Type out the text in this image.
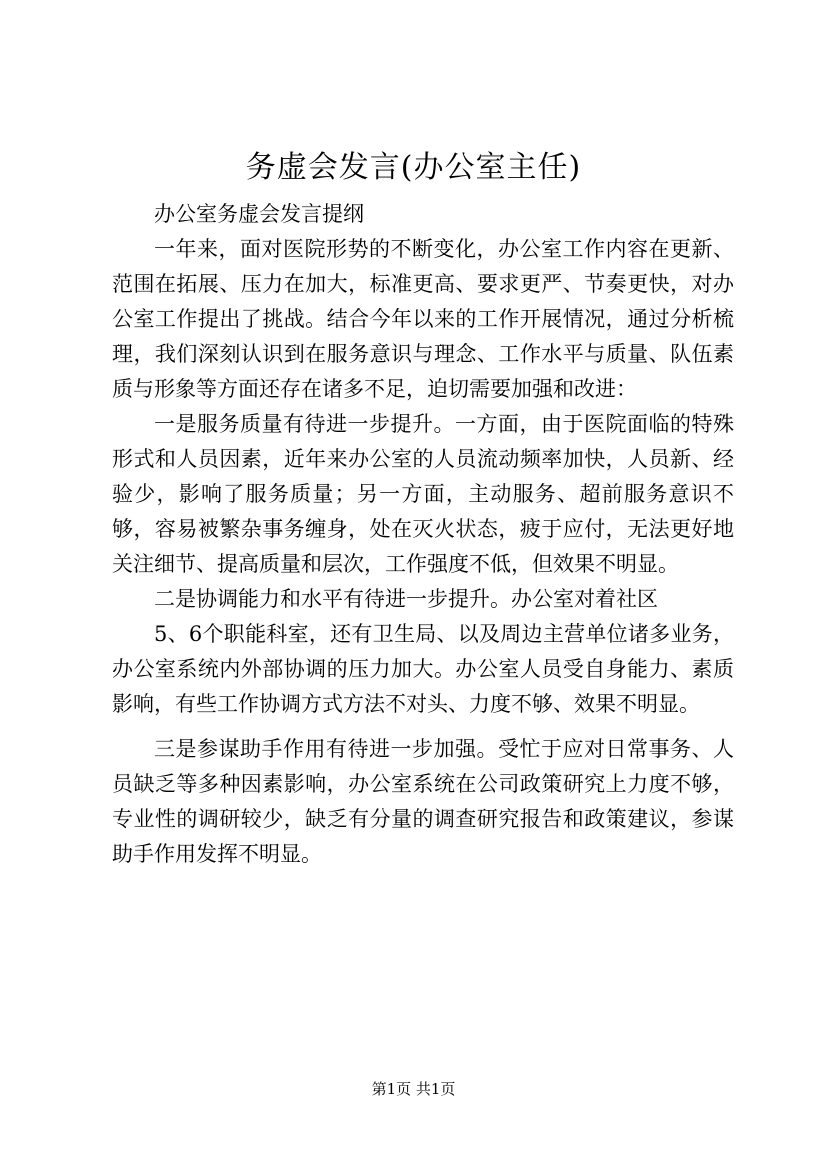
务虚会发言(办公室主任)

办公室务虚会发言提纲

一年来，面对医院形势的不断变化，办公室工作内容在更新、范围在拓展、压力在加大，标准更高、要求更严、节奏更快，对办公室工作提出了挑战。结合今年以来的工作开展情况，通过分析梳理，我们深刻认识到在服务意识与理念、工作水平与质量、队伍素质与形象等方面还存在诸多不足，迫切需要加强和改进：

一是服务质量有待进一步提升。一方面，由于医院面临的特殊形式和人员因素，近年来办公室的人员流动频率加快，人员新、经验少，影响了服务质量；另一方面，主动服务、超前服务意识不够，容易被繁杂事务缠身，处在灭火状态，疲于应付，无法更好地关注细节、提高质量和层次，工作强度不低，但效果不明显。

二是协调能力和水平有待进一步提升。办公室对着社区

5、6个职能科室，还有卫生局、以及周边主营单位诸多业务，办公室系统内外部协调的压力加大。办公室人员受自身能力、素质影响，有些工作协调方式方法不对头、力度不够、效果不明显。

三是参谋助手作用有待进一步加强。受忙于应对日常事务、人员缺乏等多种因素影响，办公室系统在公司政策研究上力度不够，专业性的调研较少，缺乏有分量的调查研究报告和政策建议，参谋助手作用发挥不明显。

第1页 共1页
